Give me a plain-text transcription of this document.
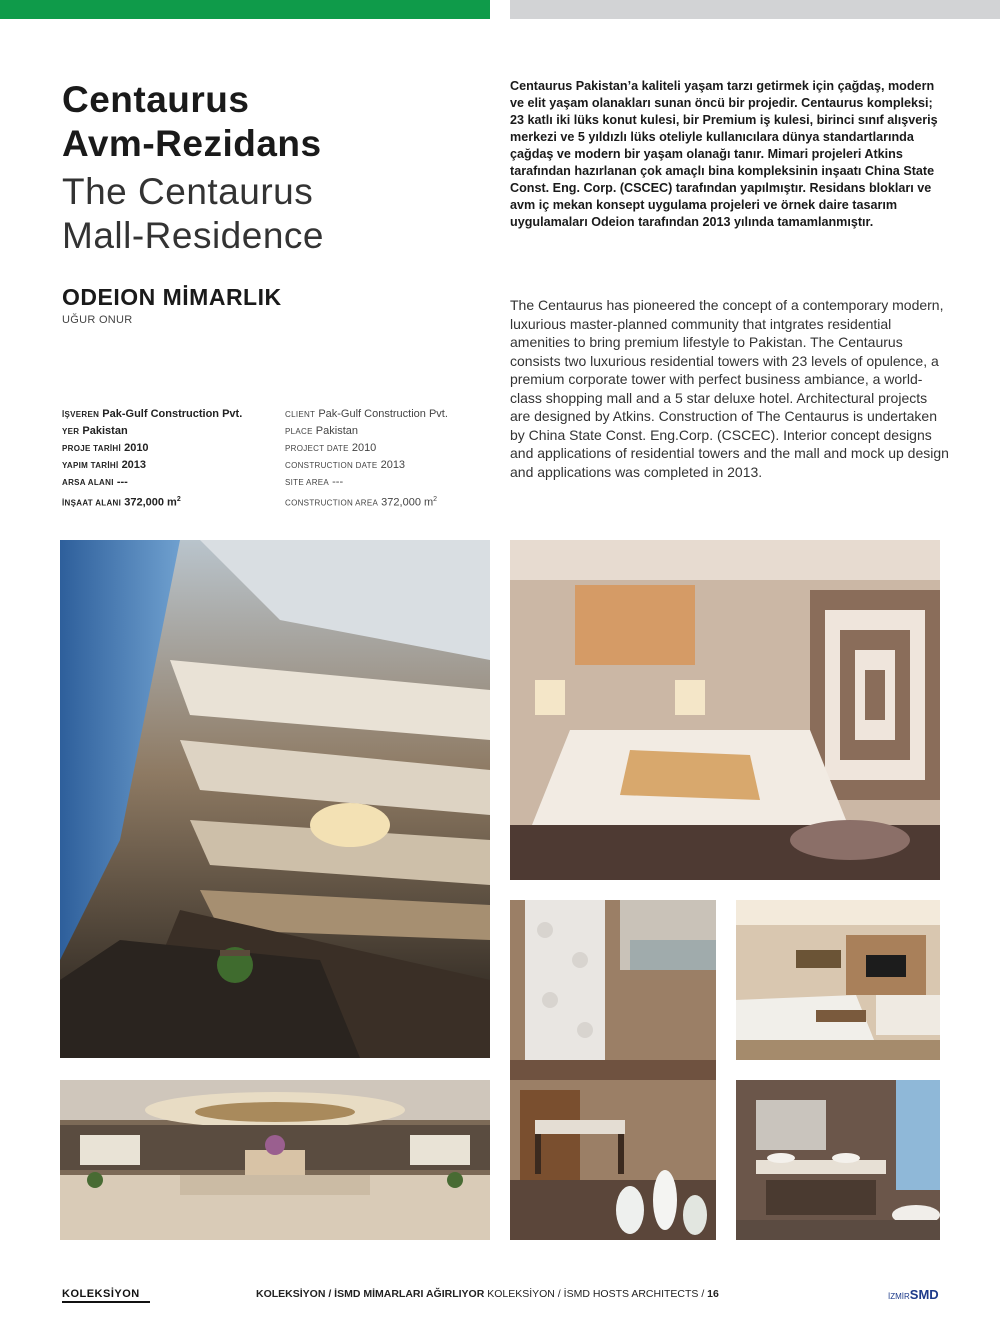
Centaurus
Avm-Rezidans
The Centaurus
Mall-Residence
ODEION MİMARLIK
UĞUR ONUR
İŞVEREN Pak-Gulf Construction Pvt.
YER Pakistan
PROJE TARİHİ 2010
YAPIM TARİHİ 2013
ARSA ALANI ---
İNŞAAT ALANI 372,000 $m^2$
CLIENT Pak-Gulf Construction Pvt.
PLACE Pakistan
PROJECT DATE 2010
CONSTRUCTION DATE 2013
SITE AREA ---
CONSTRUCTION AREA 372,000 $m^2$

Centaurus Pakistan’a kaliteli yaşam tarzı getirmek için çağdaş, modern ve elit yaşam olanakları sunan öncü bir projedir. Centaurus kompleksi; 23 katlı iki lüks konut kulesi, bir Premium iş kulesi, birinci sınıf alışveriş merkezi ve 5 yıldızlı lüks oteliyle kullanıcılara dünya standartlarında çağdaş ve modern bir yaşam olanağı tanır. Mimari projeleri Atkins tarafından hazırlanan çok amaçlı bina kompleksinin inşaatı China State Const. Eng. Corp. (CSCEC) tarafından yapılmıştır. Residans blokları ve avm iç mekan konsept uygulama projeleri ve örnek daire tasarım uygulamaları Odeion tarafından 2013 yılında tamamlanmıştır.

The Centaurus has pioneered the concept of a contemporary modern, luxurious master-planned community that intgrates residential amenities to bring premium lifestyle to Pakistan. The Centaurus consists two luxurious residential towers with 23 levels of opulence, a premium corporate tower with perfect business ambiance, a world-class shopping mall and a 5 star deluxe hotel. Architectural projects are designed by Atkins. Construction of The Centaurus is undertaken by China State Const. Eng.Corp. (CSCEC). Interior concept designs and applications of residential towers and the mall and mock up design and applications was completed in 2013.

KOLEKSİYON	KOLEKSİYON / İSMD MİMARLARI AĞIRLIYOR KOLEKSİYON / İSMD HOSTS ARCHITECTS / 16	İZMİRSMD
